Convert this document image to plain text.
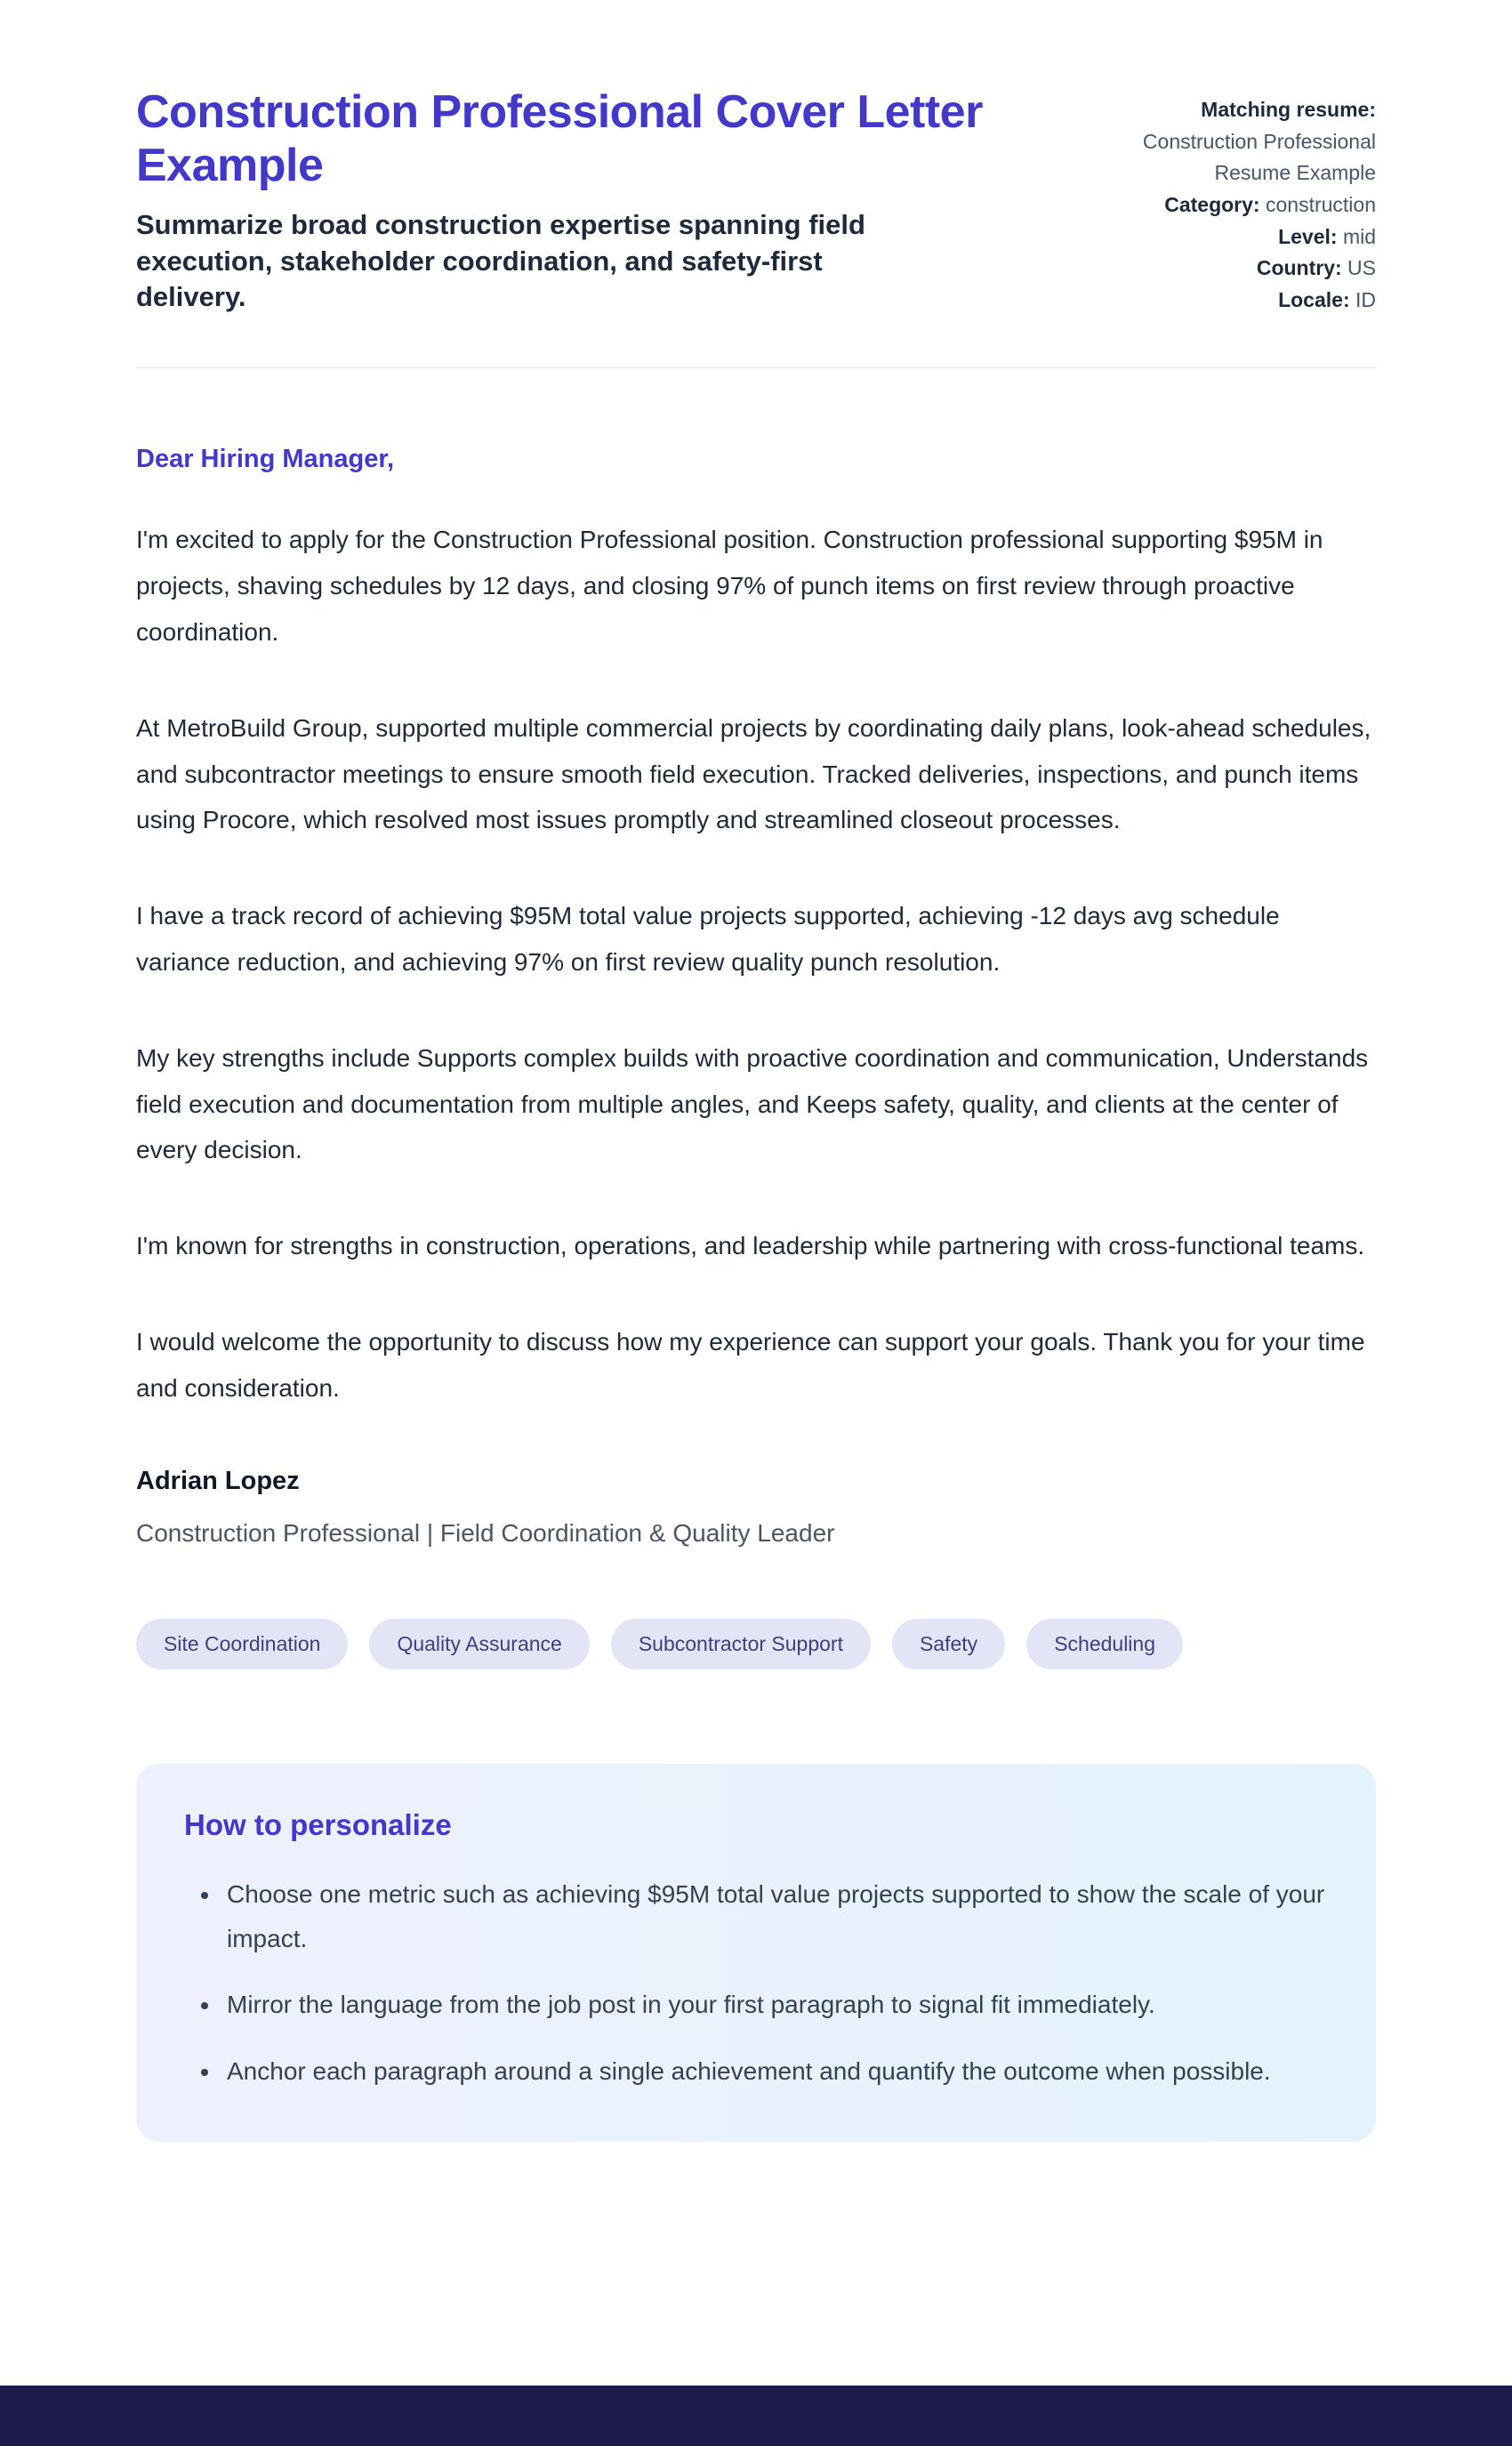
Construction Professional Cover Letter Example

Summarize broad construction expertise spanning field execution, stakeholder coordination, and safety-first delivery.

Matching resume:
Construction Professional Resume Example

Category: construction

Level: mid

Country: US

Locale: ID

Dear Hiring Manager,

I'm excited to apply for the Construction Professional position. Construction professional supporting $95M in projects, shaving schedules by 12 days, and closing 97% of punch items on first review through proactive coordination.

At MetroBuild Group, supported multiple commercial projects by coordinating daily plans, look-ahead schedules, and subcontractor meetings to ensure smooth field execution. Tracked deliveries, inspections, and punch items using Procore, which resolved most issues promptly and streamlined closeout processes.

I have a track record of achieving $95M total value projects supported, achieving -12 days avg schedule variance reduction, and achieving 97% on first review quality punch resolution.

My key strengths include Supports complex builds with proactive coordination and communication, Understands field execution and documentation from multiple angles, and Keeps safety, quality, and clients at the center of every decision.

I'm known for strengths in construction, operations, and leadership while partnering with cross-functional teams.

I would welcome the opportunity to discuss how my experience can support your goals. Thank you for your time and consideration.

Adrian Lopez

Construction Professional | Field Coordination & Quality Leader

Site Coordination	Quality Assurance	Subcontractor Support	Safety	Scheduling
How to personalize
• Choose one metric such as achieving $95M total value projects supported to show the scale of your impact.
• Mirror the language from the job post in your first paragraph to signal fit immediately.
• Anchor each paragraph around a single achievement and quantify the outcome when possible.
